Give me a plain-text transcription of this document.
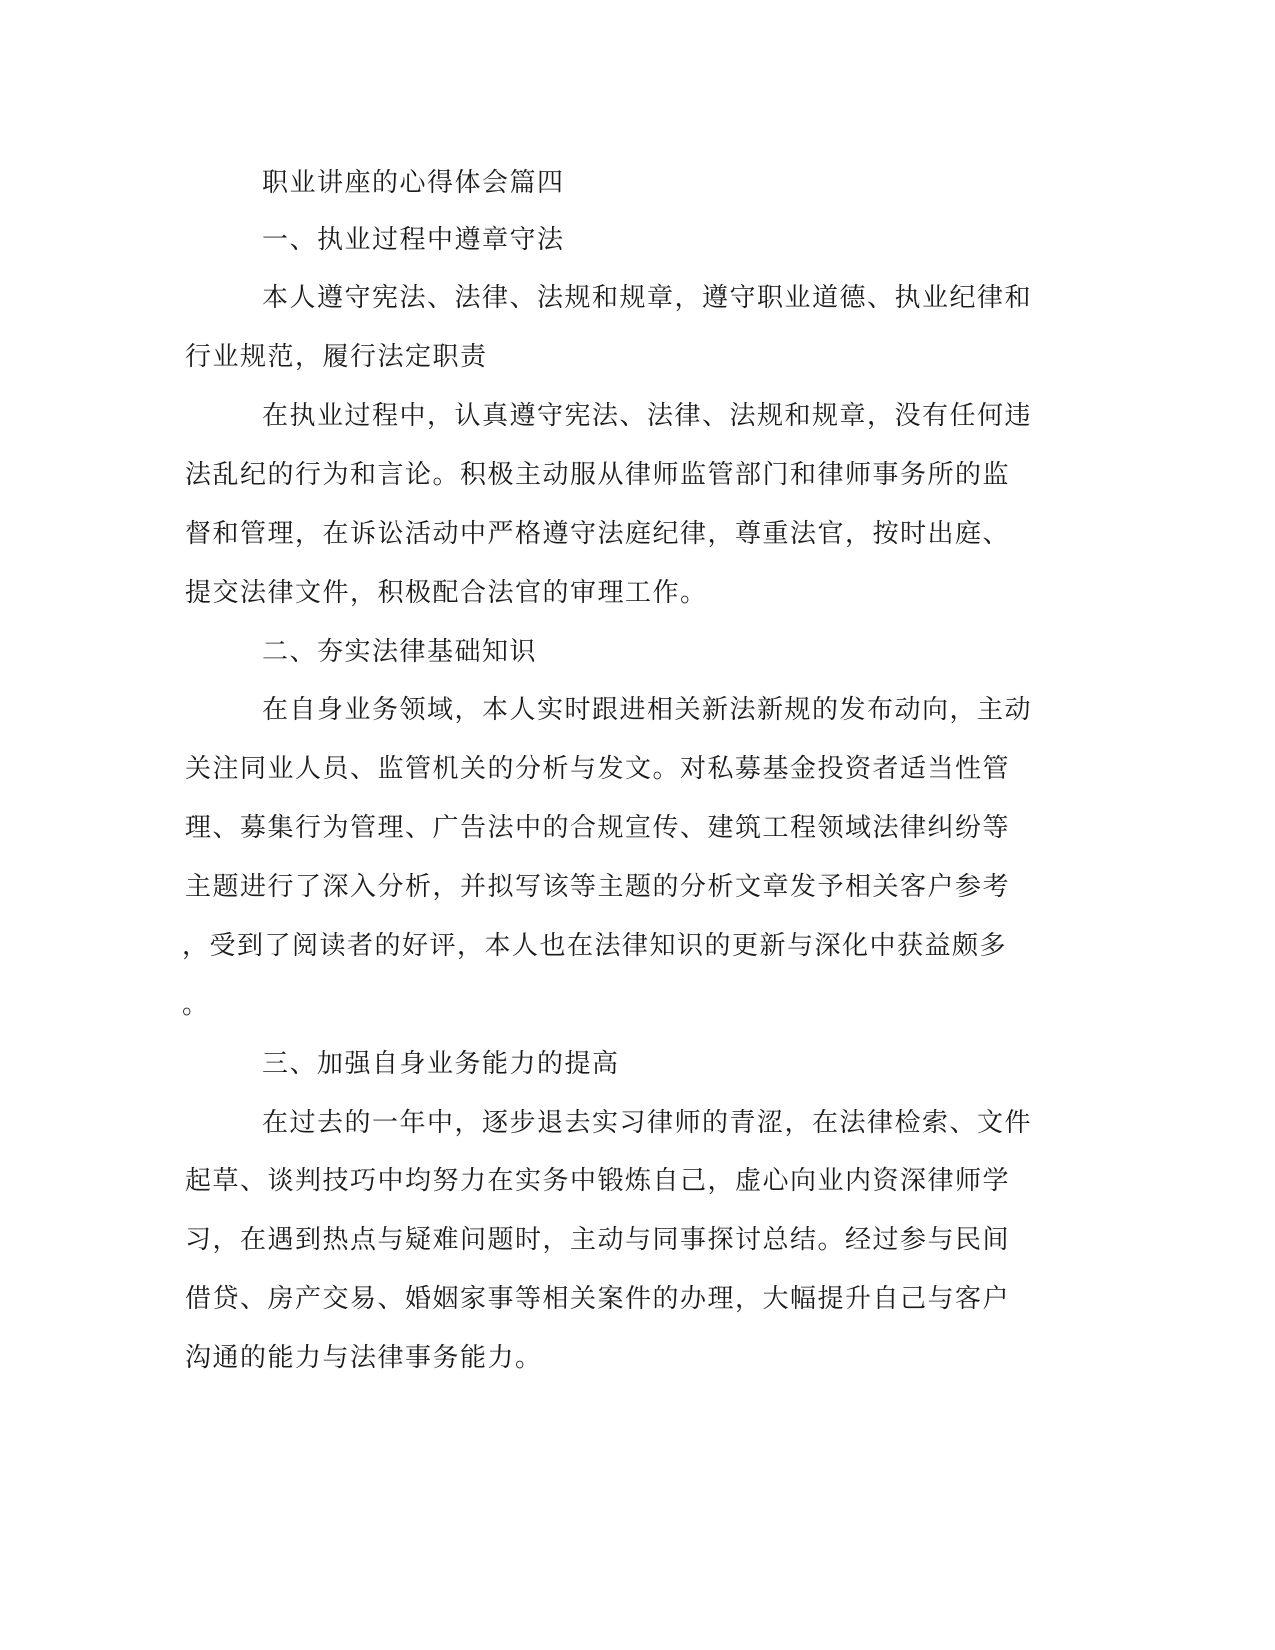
职业讲座的心得体会篇四
一、执业过程中遵章守法
本人遵守宪法、法律、法规和规章，遵守职业道德、执业纪律和
行业规范，履行法定职责
在执业过程中，认真遵守宪法、法律、法规和规章，没有任何违
法乱纪的行为和言论。积极主动服从律师监管部门和律师事务所的监
督和管理，在诉讼活动中严格遵守法庭纪律，尊重法官，按时出庭、
提交法律文件，积极配合法官的审理工作。
二、夯实法律基础知识
在自身业务领域，本人实时跟进相关新法新规的发布动向，主动
关注同业人员、监管机关的分析与发文。对私募基金投资者适当性管
理、募集行为管理、广告法中的合规宣传、建筑工程领域法律纠纷等
主题进行了深入分析，并拟写该等主题的分析文章发予相关客户参考
，受到了阅读者的好评，本人也在法律知识的更新与深化中获益颇多
。
三、加强自身业务能力的提高
在过去的一年中，逐步退去实习律师的青涩，在法律检索、文件
起草、谈判技巧中均努力在实务中锻炼自己，虚心向业内资深律师学
习，在遇到热点与疑难问题时，主动与同事探讨总结。经过参与民间
借贷、房产交易、婚姻家事等相关案件的办理，大幅提升自己与客户
沟通的能力与法律事务能力。
